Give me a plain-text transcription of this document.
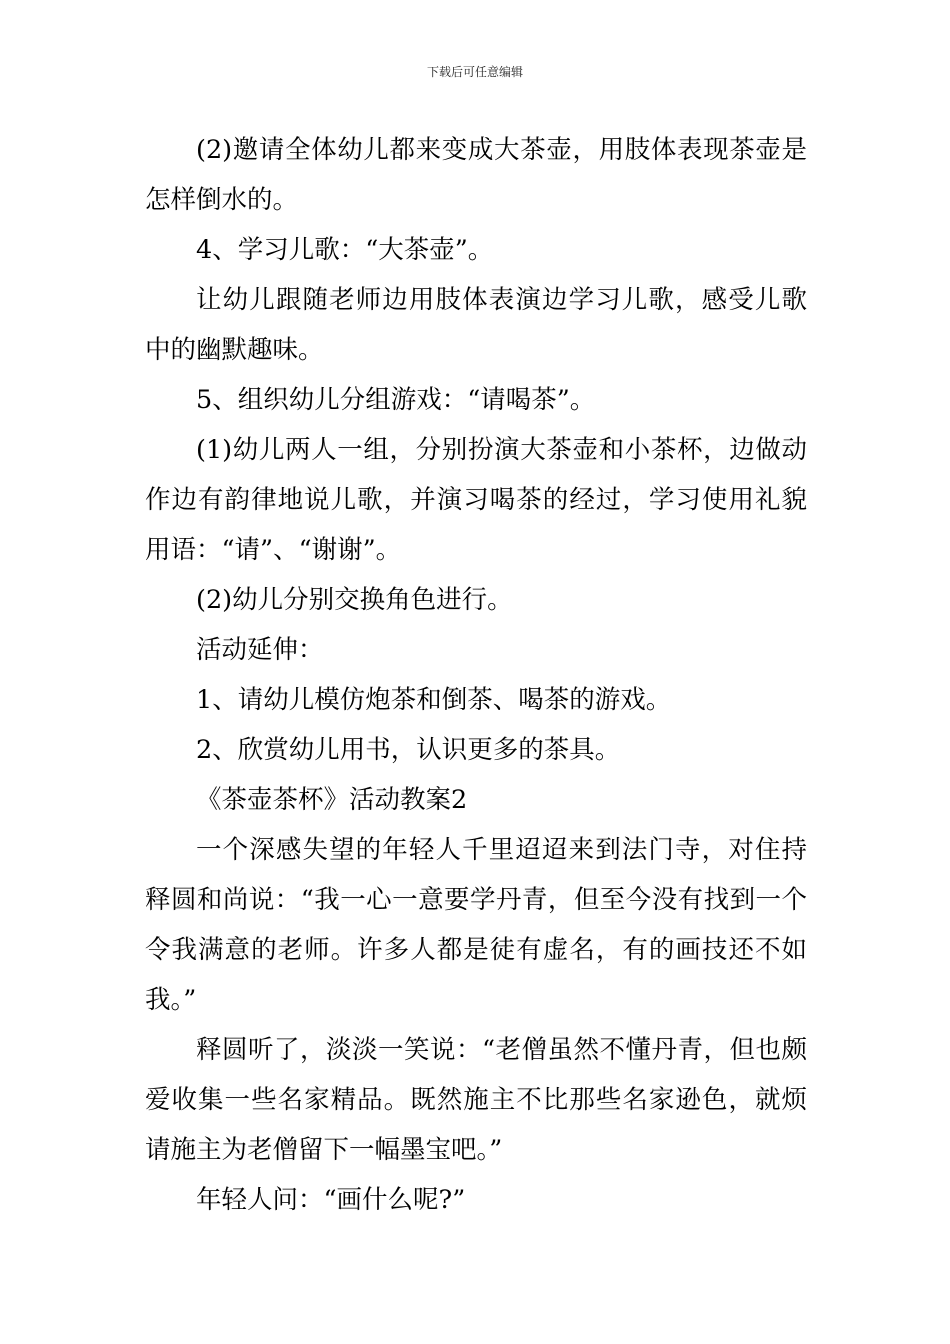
下载后可任意编辑

(2)邀请全体幼儿都来变成大茶壶，用肢体表现茶壶是怎样倒水的。

4、学习儿歌：“大茶壶”。

让幼儿跟随老师边用肢体表演边学习儿歌，感受儿歌中的幽默趣味。

5、组织幼儿分组游戏：“请喝茶”。

(1)幼儿两人一组，分别扮演大茶壶和小茶杯，边做动作边有韵律地说儿歌，并演习喝茶的经过，学习使用礼貌用语：“请”、“谢谢”。

(2)幼儿分别交换角色进行。

活动延伸：

1、请幼儿模仿炮茶和倒茶、喝茶的游戏。

2、欣赏幼儿用书，认识更多的茶具。

《茶壶茶杯》活动教案2

一个深感失望的年轻人千里迢迢来到法门寺，对住持释圆和尚说：“我一心一意要学丹青，但至今没有找到一个令我满意的老师。许多人都是徒有虚名，有的画技还不如我。”

释圆听了，淡淡一笑说：“老僧虽然不懂丹青，但也颇爱收集一些名家精品。既然施主不比那些名家逊色，就烦请施主为老僧留下一幅墨宝吧。”

年轻人问：“画什么呢?”
